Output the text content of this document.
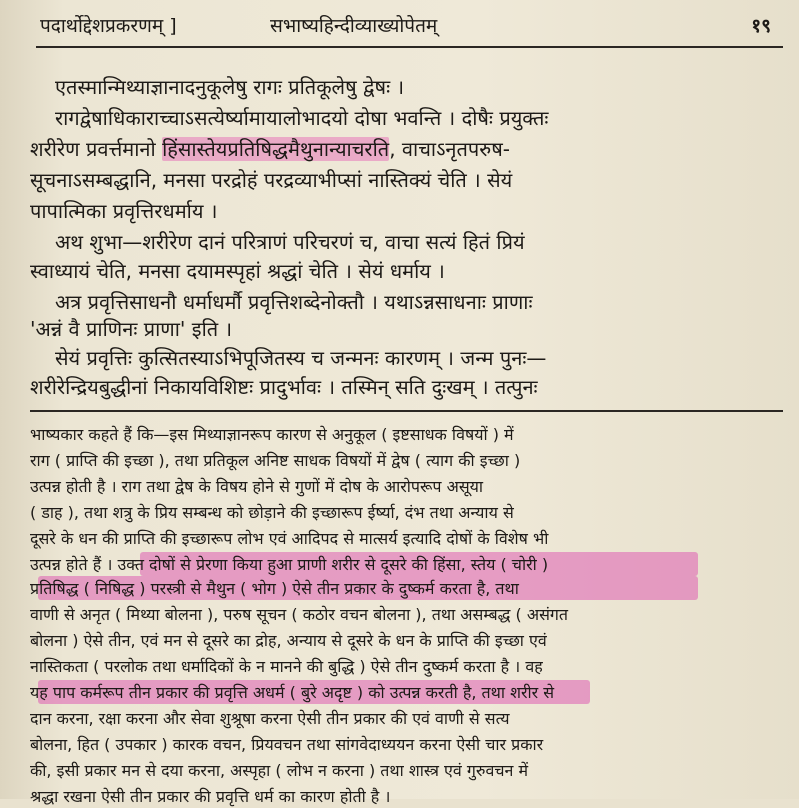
पदार्थोद्देशप्रकरणम् ]	सभाष्यहिन्दीव्याख्योपेतम्	१९
एतस्मान्मिथ्याज्ञानादनुकूलेषु रागः प्रतिकूलेषु द्वेषः ।
रागद्वेषाधिकाराच्चाऽसत्येर्ष्यामायालोभादयो दोषा भवन्ति । दोषैः प्रयुक्तः
शरीरेण प्रवर्त्तमानो हिंसास्तेयप्रतिषिद्धमैथुनान्याचरति, वाचाऽनृतपरुष-
सूचनाऽसम्बद्धानि, मनसा परद्रोहं परद्रव्याभीप्सां नास्तिक्यं चेति । सेयं
पापात्मिका प्रवृत्तिरधर्माय ।
अथ शुभा—शरीरेण दानं परित्राणं परिचरणं च, वाचा सत्यं हितं प्रियं
स्वाध्यायं चेति, मनसा दयामस्पृहां श्रद्धां चेति । सेयं धर्माय ।
अत्र प्रवृत्तिसाधनौ धर्माधर्मौ प्रवृत्तिशब्देनोक्तौ । यथाऽन्नसाधनाः प्राणाः
'अन्नं वै प्राणिनः प्राणा' इति ।
सेयं प्रवृत्तिः कुत्सितस्याऽभिपूजितस्य च जन्मनः कारणम् । जन्म पुनः—
शरीरेन्द्रियबुद्धीनां निकायविशिष्टः प्रादुर्भावः । तस्मिन् सति दुःखम् । तत्पुनः
भाष्यकार कहते हैं कि—इस मिथ्याज्ञानरूप कारण से अनुकूल ( इष्टसाधक विषयों ) में
राग ( प्राप्ति की इच्छा ), तथा प्रतिकूल अनिष्ट साधक विषयों में द्वेष ( त्याग की इच्छा )
उत्पन्न होती है । राग तथा द्वेष के विषय होने से गुणों में दोष के आरोपरूप असूया
( डाह ), तथा शत्रु के प्रिय सम्बन्ध को छोड़ाने की इच्छारूप ईर्ष्या, दंभ तथा अन्याय से
दूसरे के धन की प्राप्ति की इच्छारूप लोभ एवं आदिपद से मात्सर्य इत्यादि दोषों के विशेष भी
उत्पन्न होते हैं । उक्त दोषों से प्रेरणा किया हुआ प्राणी शरीर से दूसरे की हिंसा, स्तेय ( चोरी )
प्रतिषिद्ध ( निषिद्ध ) परस्त्री से मैथुन ( भोग ) ऐसे तीन प्रकार के दुष्कर्म करता है, तथा
वाणी से अनृत ( मिथ्या बोलना ), परुष सूचन ( कठोर वचन बोलना ), तथा असम्बद्ध ( असंगत
बोलना ) ऐसे तीन, एवं मन से दूसरे का द्रोह, अन्याय से दूसरे के धन के प्राप्ति की इच्छा एवं
नास्तिकता ( परलोक तथा धर्मादिकों के न मानने की बुद्धि ) ऐसे तीन दुष्कर्म करता है । वह
यह पाप कर्मरूप तीन प्रकार की प्रवृत्ति अधर्म ( बुरे अदृष्ट ) को उत्पन्न करती है, तथा शरीर से
दान करना, रक्षा करना और सेवा शुश्रूषा करना ऐसी तीन प्रकार की एवं वाणी से सत्य
बोलना, हित ( उपकार ) कारक वचन, प्रियवचन तथा सांगवेदाध्ययन करना ऐसी चार प्रकार
की, इसी प्रकार मन से दया करना, अस्पृहा ( लोभ न करना ) तथा शास्त्र एवं गुरुवचन में
श्रद्धा रखना ऐसी तीन प्रकार की प्रवृत्ति धर्म का कारण होती है ।
